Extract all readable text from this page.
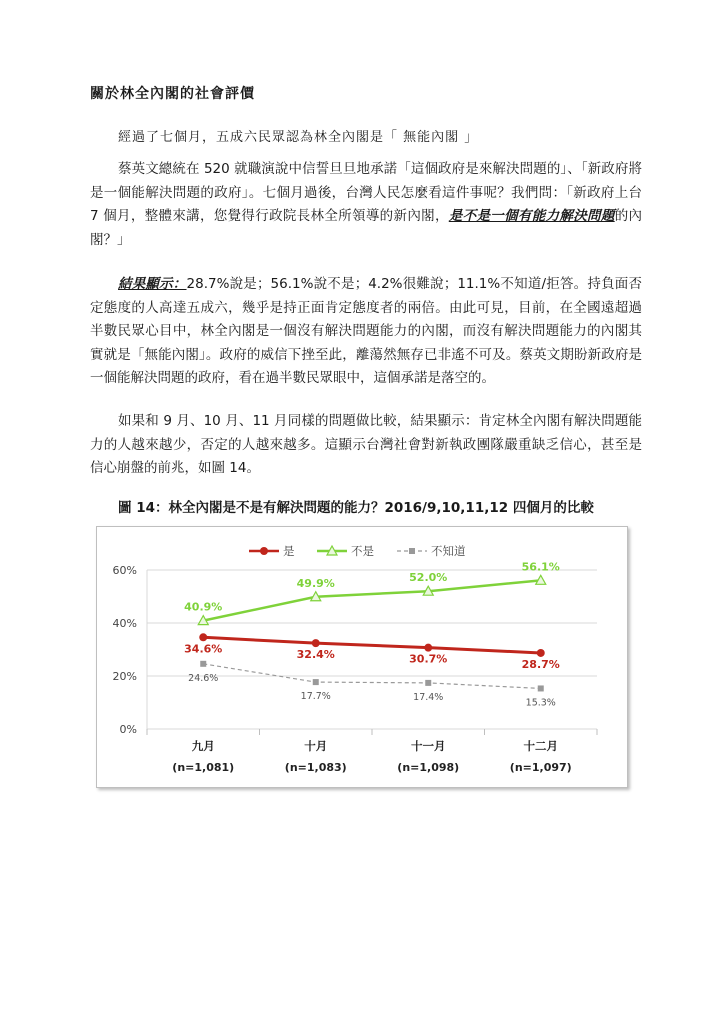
關於林全內閣的社會評價
經過了七個月，五成六民眾認為林全內閣是「 無能內閣 」
蔡英文總統在 520 就職演說中信誓旦旦地承諾「這個政府是來解決問題的」、「新政府將是一個能解決問題的政府」。七個月過後，台灣人民怎麼看這件事呢？我們問：「新政府上台 7 個月，整體來講，您覺得行政院長林全所領導的新內閣，是不是一個有能力解決問題的內閣？」
結果顯示：28.7%說是；56.1%說不是；4.2%很難說；11.1%不知道/拒答。持負面否定態度的人高達五成六，幾乎是持正面肯定態度者的兩倍。由此可見，目前，在全國遠超過半數民眾心目中，林全內閣是一個沒有解決問題能力的內閣，而沒有解決問題能力的內閣其實就是「無能內閣」。政府的威信下挫至此，離蕩然無存已非遙不可及。蔡英文期盼新政府是一個能解決問題的政府，看在過半數民眾眼中，這個承諾是落空的。
如果和 9 月、10 月、11 月同樣的問題做比較，結果顯示：肯定林全內閣有解決問題能力的人越來越少，否定的人越來越多。這顯示台灣社會對新執政團隊嚴重缺乏信心，甚至是信心崩盤的前兆，如圖 14。
圖 14：林全內閣是不是有解決問題的能力？2016/9,10,11,12 四個月的比較
60%
40%
20%
0%
九月
(n=1,081)
十月
(n=1,083)
十一月
(n=1,098)
十二月
(n=1,097)
34.6%	32.4%	30.7%	28.7%
40.9%
49.9%	52.0%
56.1%
24.6%
17.7%	17.4%
15.3%
是	不是	不知道
